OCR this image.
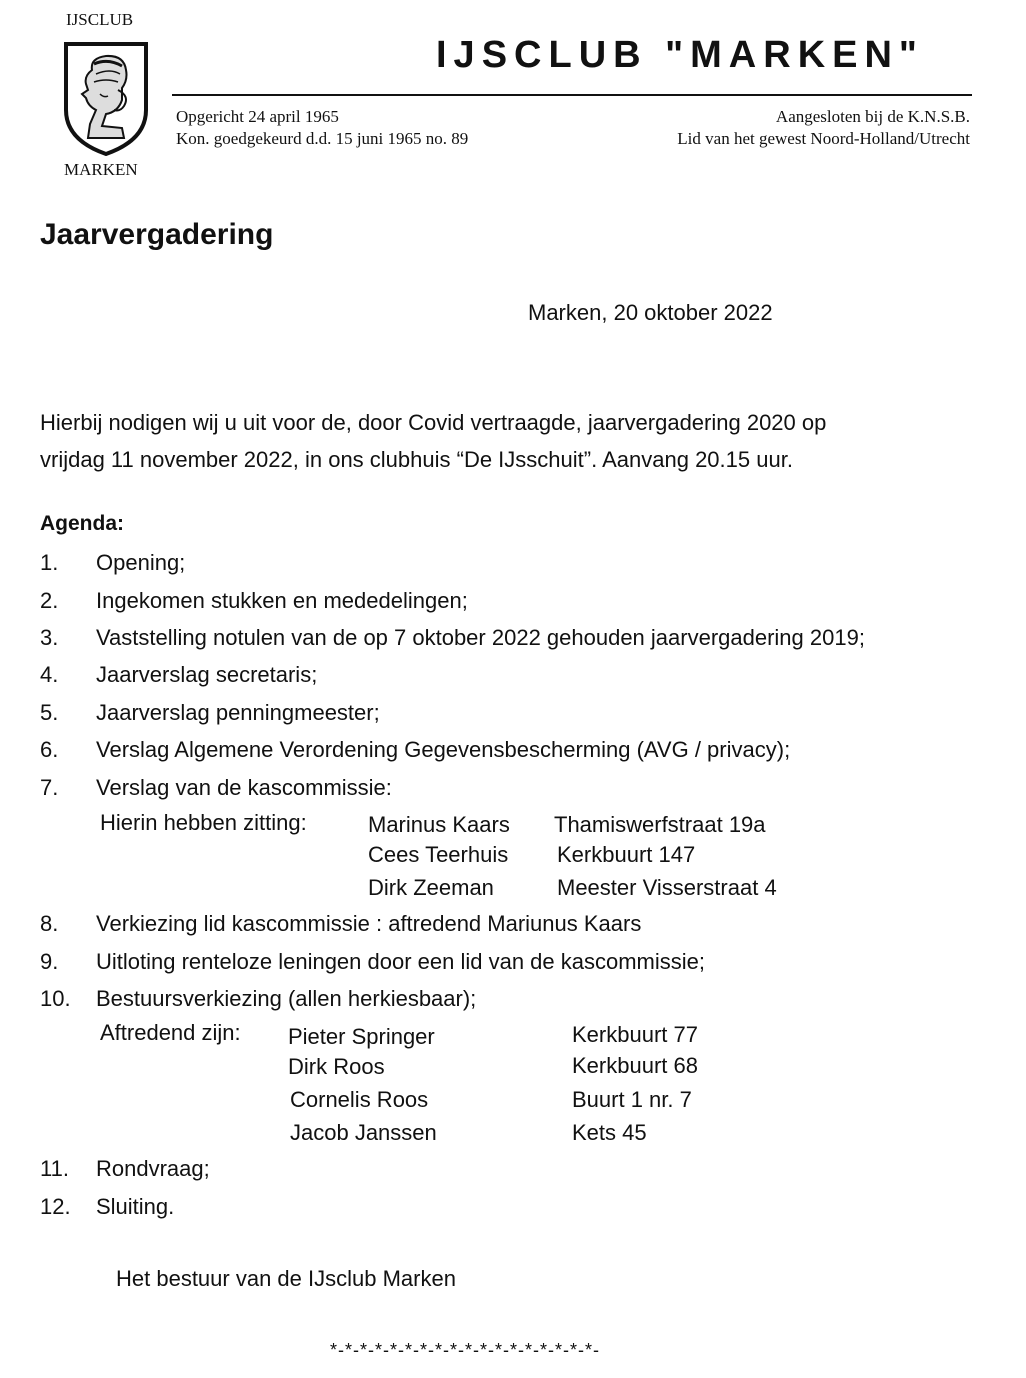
IJSCLUB
MARKEN
IJSCLUB "MARKEN"
Opgericht 24 april 1965
Kon. goedgekeurd d.d. 15 juni 1965 no. 89
Aangesloten bij de K.N.S.B.
Lid van het gewest Noord-Holland/Utrecht
Jaarvergadering
Marken, 20 oktober 2022
Hierbij nodigen wij u uit voor de, door Covid vertraagde, jaarvergadering 2020 op
vrijdag 11 november 2022, in ons clubhuis “De IJsschuit”. Aanvang 20.15 uur.
Agenda:
1. Opening;
2. Ingekomen stukken en mededelingen;
3. Vaststelling notulen van de op 7 oktober 2022 gehouden jaarvergadering 2019;
4. Jaarverslag secretaris;
5. Jaarverslag penningmeester;
6. Verslag Algemene Verordening Gegevensbescherming (AVG / privacy);
7. Verslag van de kascommissie:
Hierin hebben zitting:	Marinus Kaars Thamiswerfstraat 19a
Cees Teerhuis Kerkbuurt 147
Dirk Zeeman	Meester Visserstraat 4
8. Verkiezing lid kascommissie : aftredend Mariunus Kaars
9. Uitloting renteloze leningen door een lid van de kascommissie;
10. Bestuursverkiezing (allen herkiesbaar);
Aftredend zijn: Pieter Springer	Kerkbuurt 77
Dirk Roos	Kerkbuurt 68
Cornelis Roos	Buurt 1 nr. 7
Jacob Janssen	Kets 45
11. Rondvraag;
12. Sluiting.
Het bestuur van de IJsclub Marken
*-*-*-*-*-*-*-*-*-*-*-*-*-*-*-*-*-*-
